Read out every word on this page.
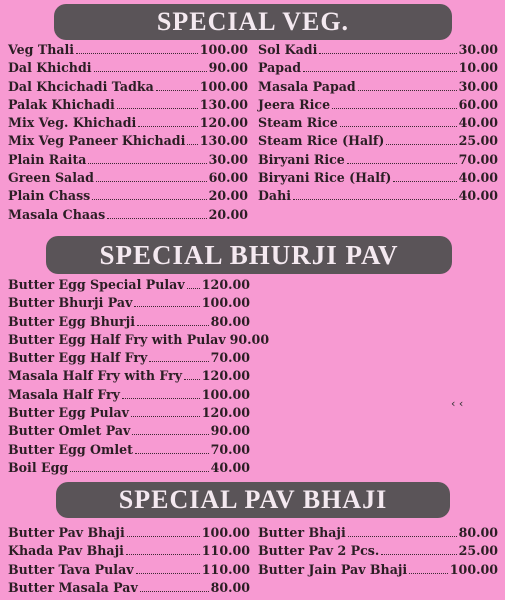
SPECIAL VEG.
Veg Thali	100.00
Dal Khichdi	90.00
Dal Khcichadi Tadka	100.00
Palak Khichadi	130.00
Mix Veg. Khichadi	120.00
Mix Veg Paneer Khichadi 130.00
Plain Raita	30.00
Green Salad	60.00
Plain Chass	20.00
Masala Chaas	20.00
Sol Kadi	30.00
Papad	10.00
Masala Papad	30.00
Jeera Rice	60.00
Steam Rice	40.00
Steam Rice (Half)	25.00
Biryani Rice	70.00
Biryani Rice (Half)	40.00
Dahi	40.00
SPECIAL BHURJI PAV
Butter Egg Special Pulav 120.00
Butter Bhurji Pav	100.00
Butter Egg Bhurji	80.00
Butter Egg Half Fry with Pulav 90.00
Butter Egg Half Fry	70.00
Masala Half Fry with Fry 120.00
Masala Half Fry	100.00
Butter Egg Pulav	120.00
Butter Omlet Pav	90.00
Butter Egg Omlet	70.00
Boil Egg	40.00
‹ ‹
SPECIAL PAV BHAJI
Butter Pav Bhaji	100.00
Khada Pav Bhaji	110.00
Butter Tava Pulav	110.00
Butter Masala Pav	80.00
Butter Bhaji	80.00
Butter Pav 2 Pcs.	25.00
Butter Jain Pav Bhaji	100.00
